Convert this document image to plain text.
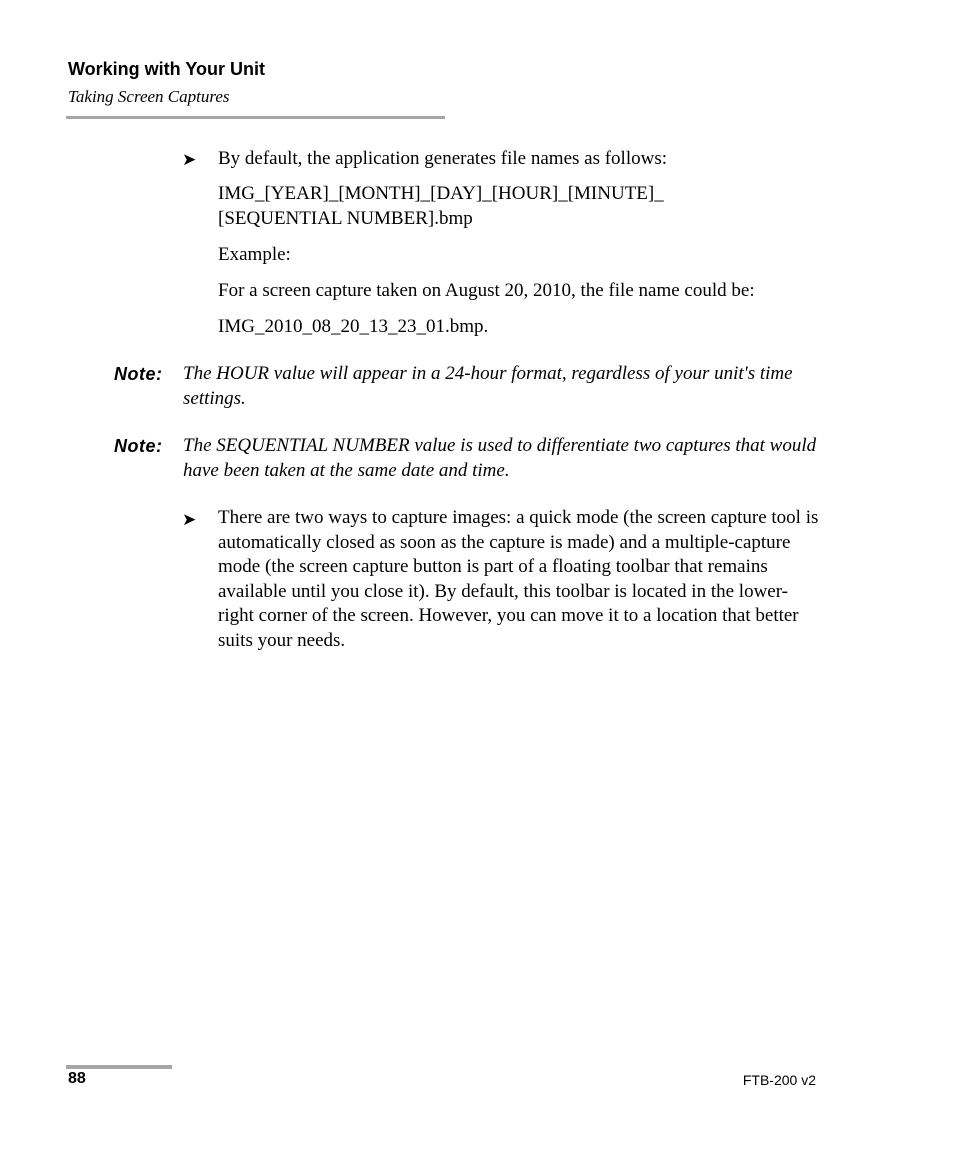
Working with Your Unit
Taking Screen Captures
➤ By default, the application generates file names as follows:
IMG_[YEAR]_[MONTH]_[DAY]_[HOUR]_[MINUTE]_
[SEQUENTIAL NUMBER].bmp
Example:
For a screen capture taken on August 20, 2010, the file name could be:
IMG_2010_08_20_13_23_01.bmp.
Note: The HOUR value will appear in a 24-hour format, regardless of your unit's time settings.
Note: The SEQUENTIAL NUMBER value is used to differentiate two captures that would have been taken at the same date and time.
➤ There are two ways to capture images: a quick mode (the screen capture tool is automatically closed as soon as the capture is made) and a multiple-capture mode (the screen capture button is part of a floating toolbar that remains available until you close it). By default, this toolbar is located in the lower-right corner of the screen. However, you can move it to a location that better suits your needs.
88	FTB-200 v2
